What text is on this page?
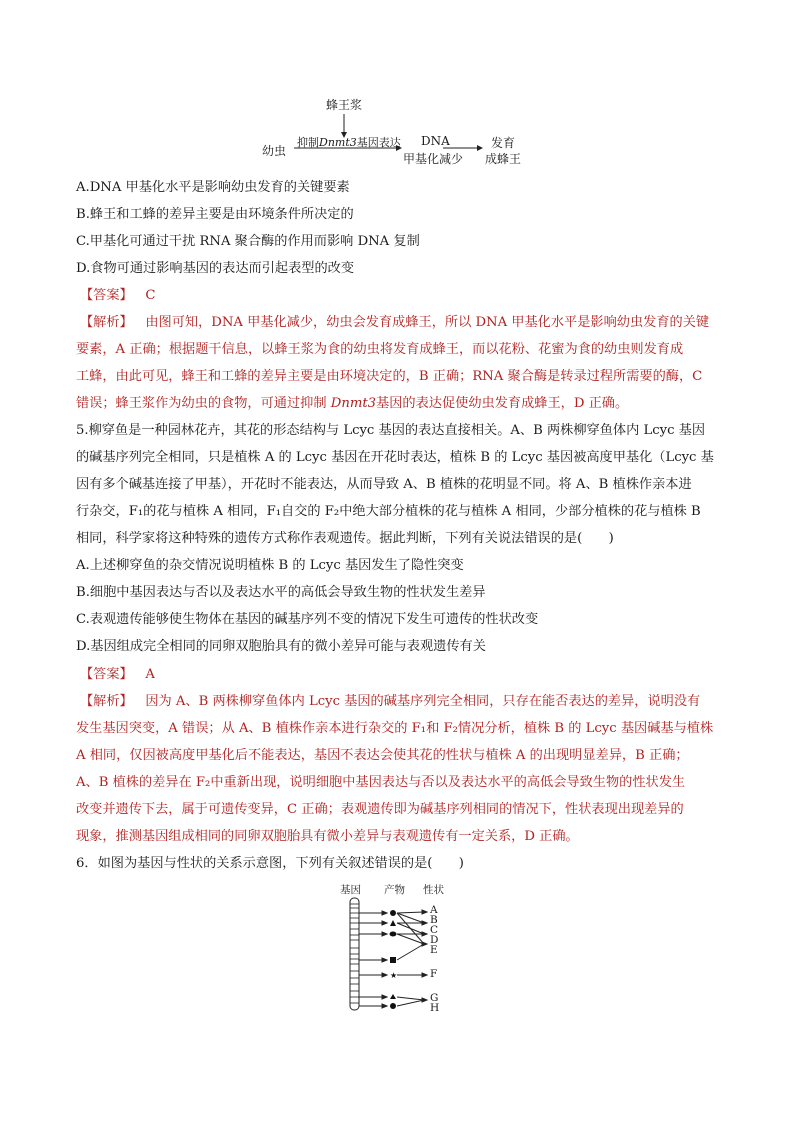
蜂王浆
幼虫
抑制Dnmt3基因表达 DNA
甲基化减少
发育
成蜂王
A.DNA 甲基化水平是影响幼虫发育的关键要素
B.蜂王和工蜂的差异主要是由环境条件所决定的
C.甲基化可通过干扰 RNA 聚合酶的作用而影响 DNA 复制
D.食物可通过影响基因的表达而引起表型的改变
【答案】 C
【解析】 由图可知，DNA 甲基化减少，幼虫会发育成蜂王，所以 DNA 甲基化水平是影响幼虫发育的关键
要素，A 正确；根据题干信息，以蜂王浆为食的幼虫将发育成蜂王，而以花粉、花蜜为食的幼虫则发育成
工蜂，由此可见，蜂王和工蜂的差异主要是由环境决定的，B 正确；RNA 聚合酶是转录过程所需要的酶，C
错误；蜂王浆作为幼虫的食物，可通过抑制 Dnmt3基因的表达促使幼虫发育成蜂王，D 正确。
5.柳穿鱼是一种园林花卉，其花的形态结构与 Lcyc 基因的表达直接相关。A、B 两株柳穿鱼体内 Lcyc 基因
的碱基序列完全相同，只是植株 A 的 Lcyc 基因在开花时表达，植株 B 的 Lcyc 基因被高度甲基化（Lcyc 基
因有多个碱基连接了甲基），开花时不能表达，从而导致 A、B 植株的花明显不同。将 A、B 植株作亲本进
行杂交，F₁的花与植株 A 相同，F₁自交的 F₂中绝大部分植株的花与植株 A 相同，少部分植株的花与植株 B
相同，科学家将这种特殊的遗传方式称作表观遗传。据此判断，下列有关说法错误的是(　　)
A.上述柳穿鱼的杂交情况说明植株 B 的 Lcyc 基因发生了隐性突变
B.细胞中基因表达与否以及表达水平的高低会导致生物的性状发生差异
C.表观遗传能够使生物体在基因的碱基序列不变的情况下发生可遗传的性状改变
D.基因组成完全相同的同卵双胞胎具有的微小差异可能与表观遗传有关
【答案】 A
【解析】 因为 A、B 两株柳穿鱼体内 Lcyc 基因的碱基序列完全相同，只存在能否表达的差异，说明没有
发生基因突变，A 错误；从 A、B 植株作亲本进行杂交的 F₁和 F₂情况分析，植株 B 的 Lcyc 基因碱基与植株
A 相同，仅因被高度甲基化后不能表达，基因不表达会使其花的性状与植株 A 的出现明显差异，B 正确；
A、B 植株的差异在 F₂中重新出现，说明细胞中基因表达与否以及表达水平的高低会导致生物的性状发生
改变并遗传下去，属于可遗传变异，C 正确；表观遗传即为碱基序列相同的情况下，性状表现出现差异的
现象，推测基因组成相同的同卵双胞胎具有微小差异与表观遗传有一定关系，D 正确。
6．如图为基因与性状的关系示意图，下列有关叙述错误的是(　　)
基因 产物 性状
★
A
B
C
D
E
F
G
H
